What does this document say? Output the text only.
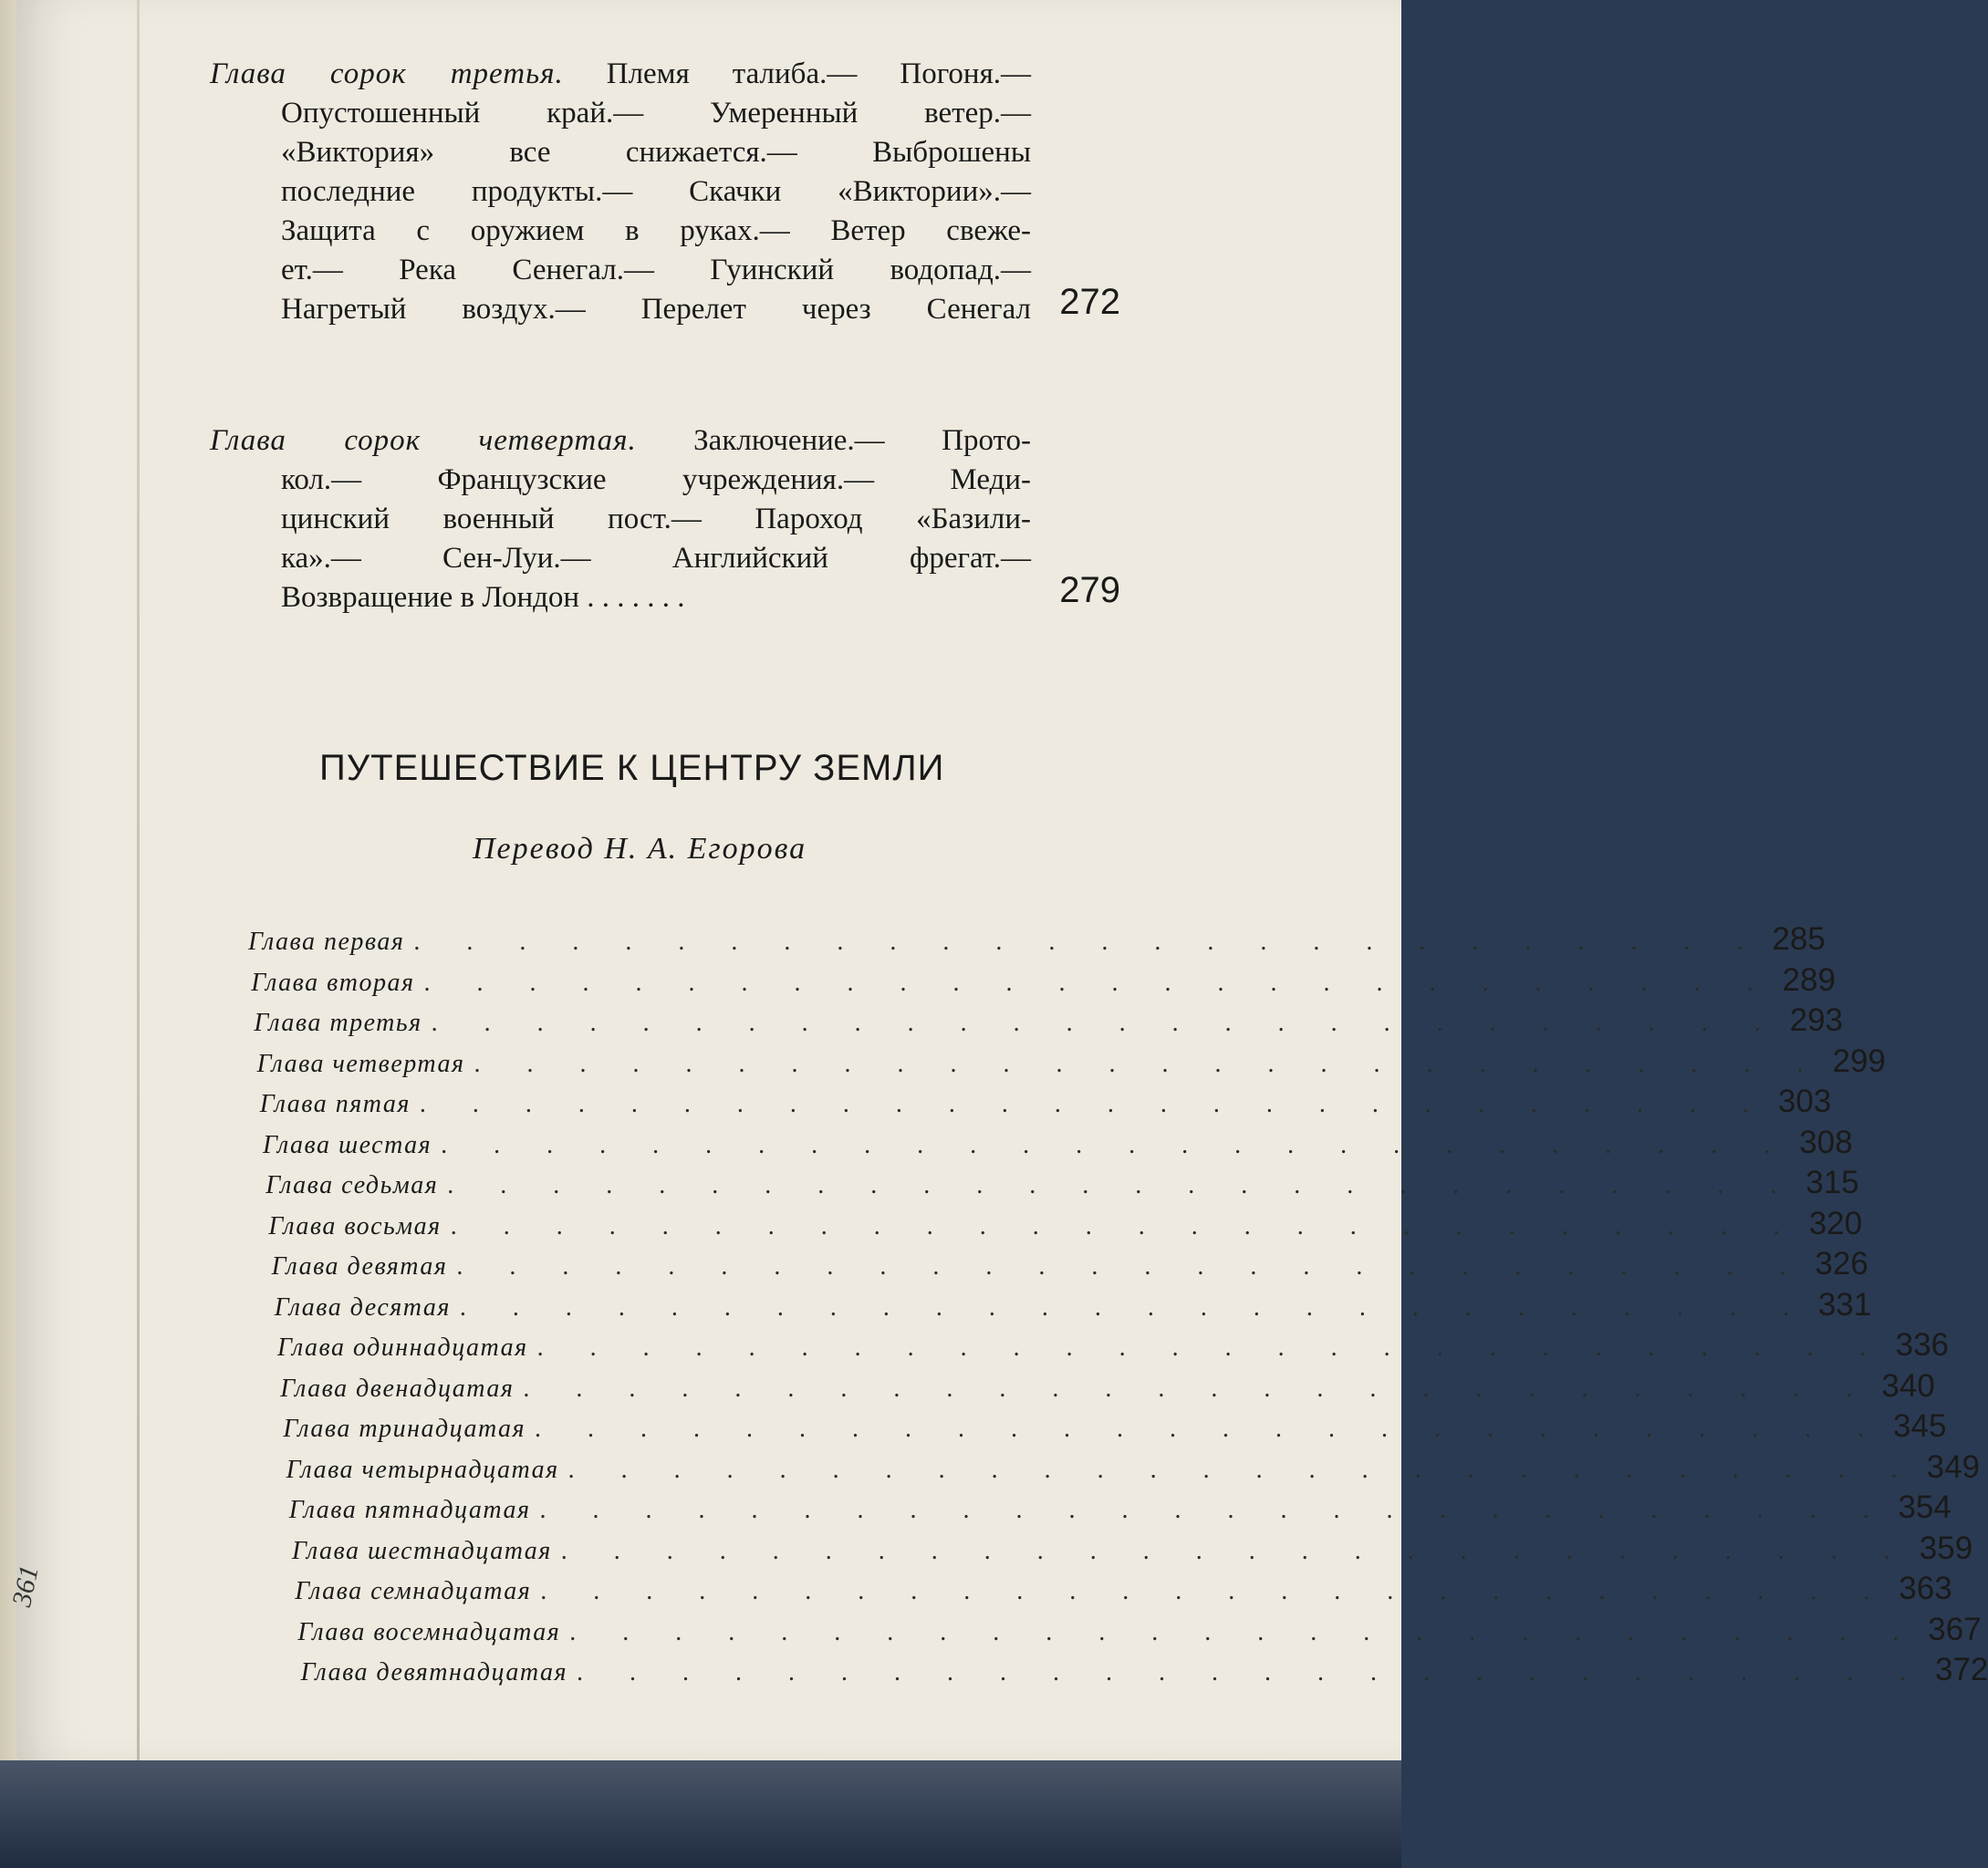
361
Глава сорок третья. Племя талиба.— Погоня.—
Опустошенный край.— Умеренный ветер.—
«Виктория» все снижается.— Выброшены
последние продукты.— Скачки «Виктории».—
Защита с оружием в руках.— Ветер свеже-
ет.— Река Сенегал.— Гуинский водопад.—
Нагретый воздух.— Перелет через Сенегал 272
Глава сорок четвертая. Заключение.— Прото-
кол.— Французские учреждения.— Меди-
цинский военный пост.— Пароход «Базили-
ка».— Сен-Луи.— Английский фрегат.—
Возвращение в Лондон . . . . . . .	279
ПУТЕШЕСТВИЕ К ЦЕНТРУ ЗЕМЛИ
Перевод Н. А. Егорова
Глава первая . . . . . . . . . . . . . . . . . . . . . . . . . . 285
Глава вторая . . . . . . . . . . . . . . . . . . . . . . . . . . 289
Глава третья . . . . . . . . . . . . . . . . . . . . . . . . . . 293
Глава четвертая . . . . . . . . . . . . . . . . . . . . . . . . . . 299
Глава пятая . . . . . . . . . . . . . . . . . . . . . . . . . . 303
Глава шестая . . . . . . . . . . . . . . . . . . . . . . . . . . 308
Глава седьмая . . . . . . . . . . . . . . . . . . . . . . . . . . 315
Глава восьмая . . . . . . . . . . . . . . . . . . . . . . . . . . 320
Глава девятая . . . . . . . . . . . . . . . . . . . . . . . . . . 326
Глава десятая . . . . . . . . . . . . . . . . . . . . . . . . . . 331
Глава одиннадцатая . . . . . . . . . . . . . . . . . . . . . . . . . . 336
Глава двенадцатая . . . . . . . . . . . . . . . . . . . . . . . . . . 340
Глава тринадцатая . . . . . . . . . . . . . . . . . . . . . . . . . . 345
Глава четырнадцатая . . . . . . . . . . . . . . . . . . . . . . . . . . 349
Глава пятнадцатая . . . . . . . . . . . . . . . . . . . . . . . . . . 354
Глава шестнадцатая . . . . . . . . . . . . . . . . . . . . . . . . . . 359
Глава семнадцатая . . . . . . . . . . . . . . . . . . . . . . . . . . 363
Глава восемнадцатая . . . . . . . . . . . . . . . . . . . . . . . . . . 367
Глава девятнадцатая . . . . . . . . . . . . . . . . . . . . . . . . . . 372
